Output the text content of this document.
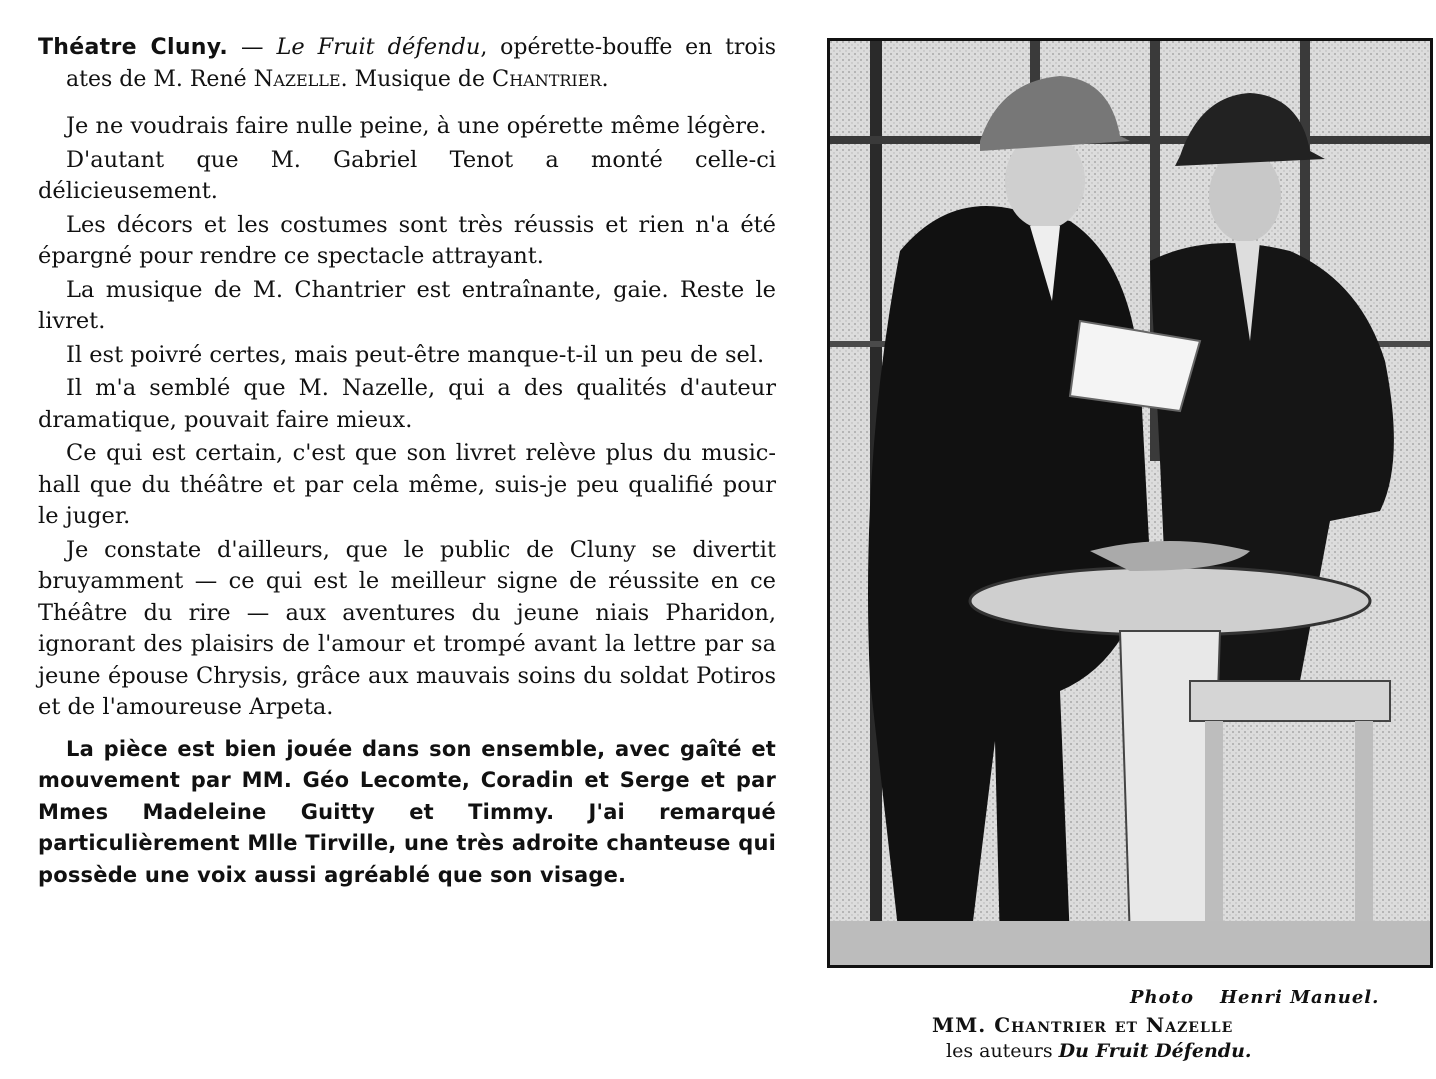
Théatre Cluny. — Le Fruit défendu, opérette-bouffe en trois ates de M. René Nazelle. Musique de Chantrier.

Je ne voudrais faire nulle peine, à une opérette même légère.

D'autant que M. Gabriel Tenot a monté celle-ci délicieusement.

Les décors et les costumes sont très réussis et rien n'a été épargné pour rendre ce spectacle attrayant.

La musique de M. Chantrier est entraînante, gaie. Reste le livret.

Il est poivré certes, mais peut-être manque-t-il un peu de sel.

Il m'a semblé que M. Nazelle, qui a des qualités d'auteur dramatique, pouvait faire mieux.

Ce qui est certain, c'est que son livret relève plus du music-hall que du théâtre et par cela même, suis-je peu qualifié pour le juger.

Je constate d'ailleurs, que le public de Cluny se divertit bruyamment — ce qui est le meilleur signe de réussite en ce Théâtre du rire — aux aventures du jeune niais Pharidon, ignorant des plaisirs de l'amour et trompé avant la lettre par sa jeune épouse Chrysis, grâce aux mauvais soins du soldat Potiros et de l'amoureuse Arpeta.

La pièce est bien jouée dans son ensemble, avec gaîté et mouvement par MM. Géo Lecomte, Coradin et Serge et par Mmes Madeleine Guitty et Timmy. J'ai remarqué particulièrement Mlle Tirville, une très adroite chanteuse qui possède une voix aussi agréablé que son visage.

Photo Henri Manuel.
MM. Chantrier et Nazelle
les auteurs Du Fruit Défendu.
